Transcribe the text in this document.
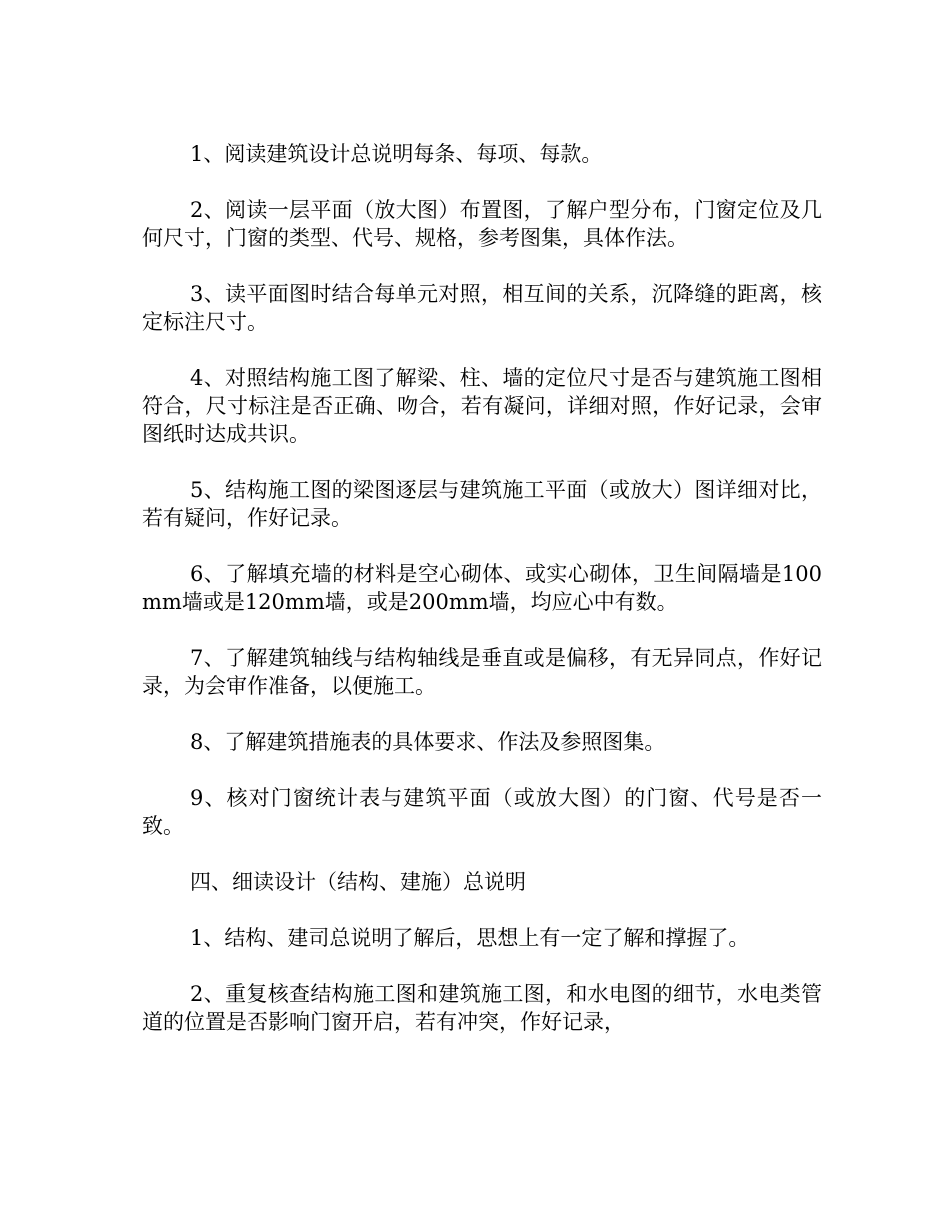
1、阅读建筑设计总说明每条、每项、每款。

2、阅读一层平面（放大图）布置图，了解户型分布，门窗定位及几何尺寸，门窗的类型、代号、规格，参考图集，具体作法。

3、读平面图时结合每单元对照，相互间的关系，沉降缝的距离，核定标注尺寸。

4、对照结构施工图了解梁、柱、墙的定位尺寸是否与建筑施工图相符合，尺寸标注是否正确、吻合，若有凝问，详细对照，作好记录，会审图纸时达成共识。

5、结构施工图的梁图逐层与建筑施工平面（或放大）图详细对比，若有疑问，作好记录。

6、了解填充墙的材料是空心砌体、或实心砌体，卫生间隔墙是100mm墙或是120mm墙，或是200mm墙，均应心中有数。

7、了解建筑轴线与结构轴线是垂直或是偏移，有无异同点，作好记录，为会审作准备，以便施工。

8、了解建筑措施表的具体要求、作法及参照图集。

9、核对门窗统计表与建筑平面（或放大图）的门窗、代号是否一致。

四、细读设计（结构、建施）总说明

1、结构、建司总说明了解后，思想上有一定了解和撑握了。

2、重复核查结构施工图和建筑施工图，和水电图的细节，水电类管道的位置是否影响门窗开启，若有冲突，作好记录，
